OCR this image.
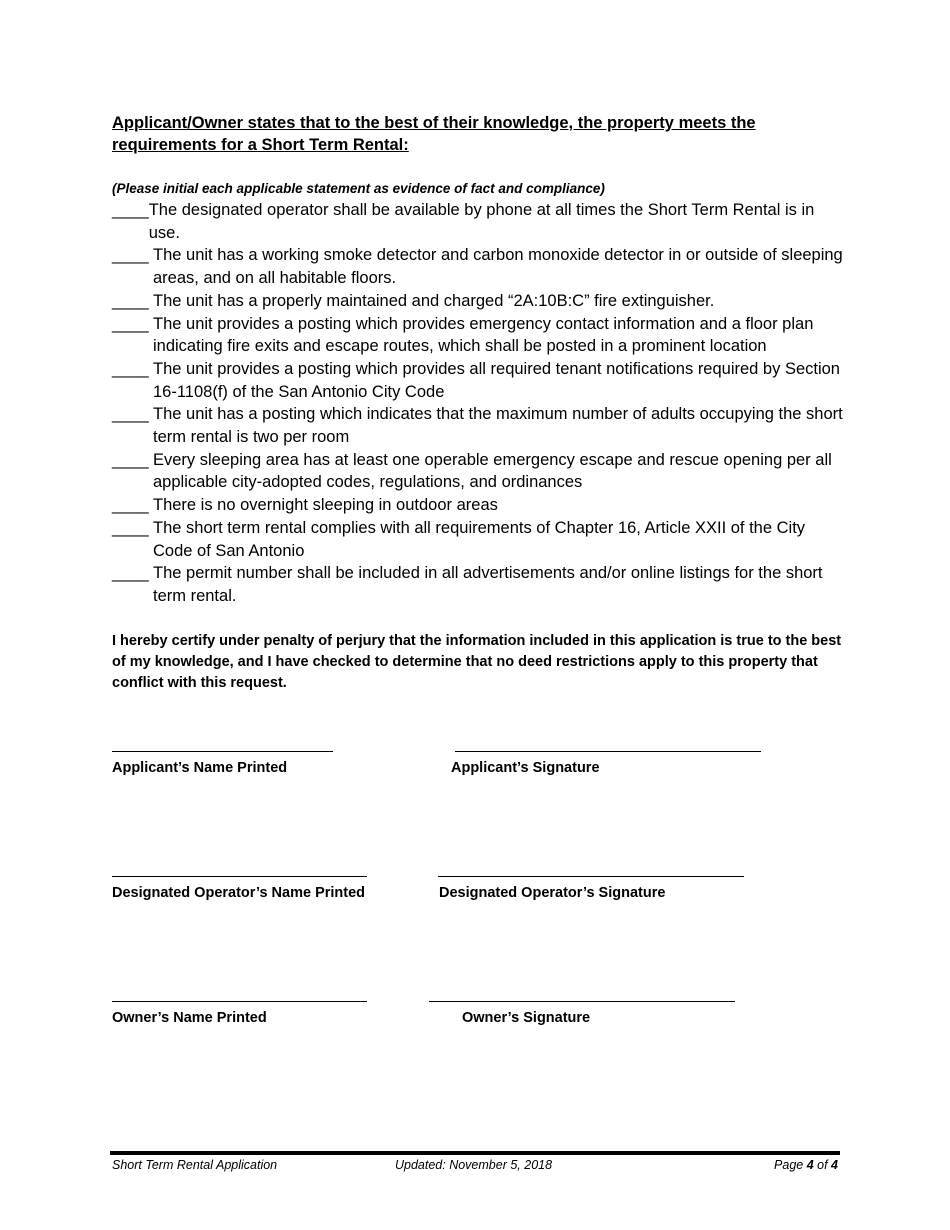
Applicant/Owner states that to the best of their knowledge, the property meets the requirements for a Short Term Rental:
(Please initial each applicable statement as evidence of fact and compliance)
____ The designated operator shall be available by phone at all times the Short Term Rental is in use.
____ The unit has a working smoke detector and carbon monoxide detector in or outside of sleeping areas, and on all habitable floors.
____ The unit has a properly maintained and charged “2A:10B:C” fire extinguisher.
____ The unit provides a posting which provides emergency contact information and a floor plan indicating fire exits and escape routes, which shall be posted in a prominent location
____ The unit provides a posting which provides all required tenant notifications required by Section 16-1108(f) of the San Antonio City Code
____ The unit has a posting which indicates that the maximum number of adults occupying the short term rental is two per room
____ Every sleeping area has at least one operable emergency escape and rescue opening per all applicable city-adopted codes, regulations, and ordinances
____ There is no overnight sleeping in outdoor areas
____ The short term rental complies with all requirements of Chapter 16, Article XXII of the City Code of San Antonio
____ The permit number shall be included in all advertisements and/or online listings for the short term rental.
I hereby certify under penalty of perjury that the information included in this application is true to the best of my knowledge, and I have checked to determine that no deed restrictions apply to this property that conflict with this request.
Applicant’s Name Printed	Applicant’s Signature
Designated Operator’s Name Printed	Designated Operator’s Signature
Owner’s Name Printed	Owner’s Signature
Short Term Rental Application	Updated: November 5, 2018	Page 4 of 4
